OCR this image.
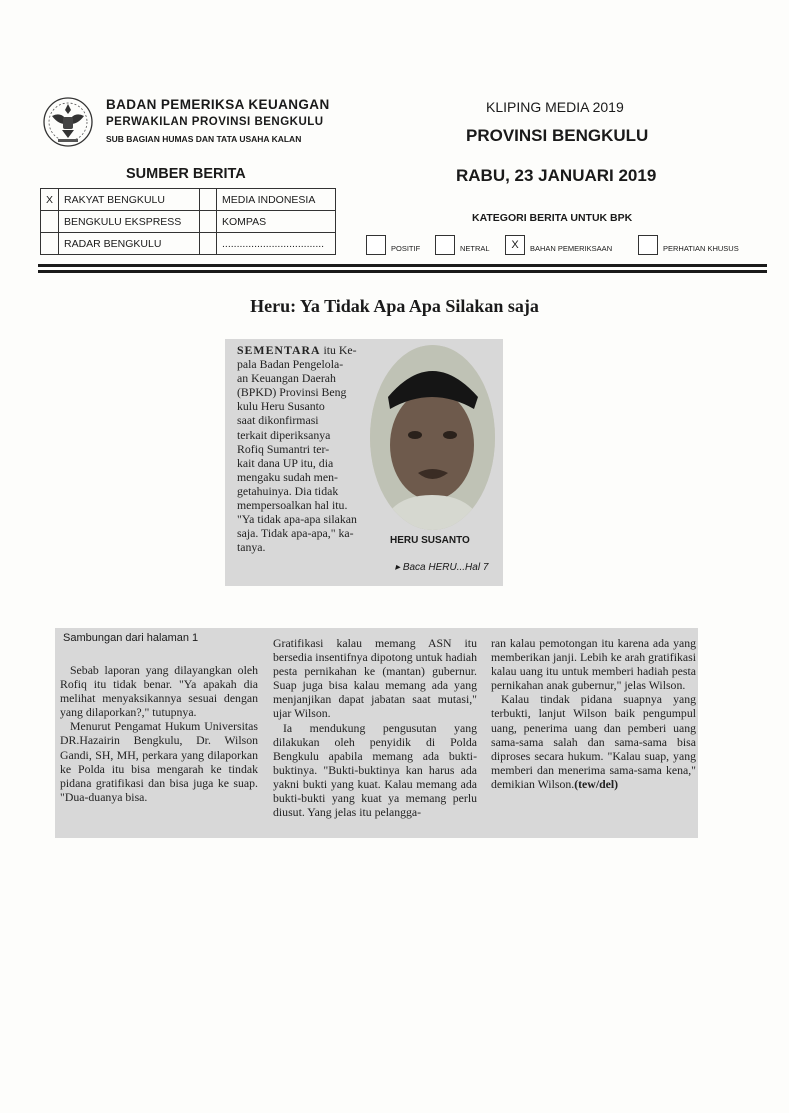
BADAN PEMERIKSA KEUANGAN
PERWAKILAN PROVINSI BENGKULU
SUB BAGIAN HUMAS DAN TATA USAHA KALAN
KLIPING MEDIA 2019
PROVINSI BENGKULU
RABU, 23 JANUARI 2019
SUMBER BERITA
X	RAKYAT BENGKULU		MEDIA INDONESIA
	BENGKULU EKSPRESS		KOMPAS
	RADAR BENGKULU		...................................
KATEGORI BERITA UNTUK BPK
POSITIF	NETRAL	X	BAHAN PEMERIKSAAN	PERHATIAN KHUSUS
Heru: Ya Tidak Apa Apa Silakan saja
SEMENTARA itu Ke-
pala Badan Pengelola-
an Keuangan Daerah
(BPKD) Provinsi Beng
kulu Heru Susanto
saat dikonfirmasi
terkait diperiksanya
Rofiq Sumantri ter-
kait dana UP itu, dia
mengaku sudah men-
getahuinya. Dia tidak
mempersoalkan hal itu.
"Ya tidak apa-apa silakan
saja. Tidak apa-apa," ka-
tanya.	HERU SUSANTO
▸ Baca HERU...Hal 7
Sambungan dari halaman 1

Sebab laporan yang dilayangkan oleh Rofiq itu tidak benar. "Ya apakah dia melihat menyaksikannya sesuai dengan yang dilaporkan?," tutupnya.

Menurut Pengamat Hukum Universitas DR.Hazairin Bengkulu, Dr. Wilson Gandi, SH, MH, perkara yang dilaporkan ke Polda itu bisa mengarah ke tindak pidana gratifikasi dan bisa juga ke suap. "Dua-duanya bisa.

Gratifikasi kalau memang ASN itu bersedia insentifnya dipotong untuk hadiah pesta pernikahan ke (mantan) gubernur. Suap juga bisa kalau memang ada yang menjanjikan dapat jabatan saat mutasi," ujar Wilson.

Ia mendukung pengusutan yang dilakukan oleh penyidik di Polda Bengkulu apabila memang ada bukti-buktinya. "Bukti-buktinya kan harus ada yakni bukti yang kuat. Kalau memang ada bukti-bukti yang kuat ya memang perlu diusut. Yang jelas itu pelangga-

ran kalau pemotongan itu karena ada yang memberikan janji. Lebih ke arah gratifikasi kalau uang itu untuk memberi hadiah pesta pernikahan anak gubernur," jelas Wilson.

Kalau tindak pidana suapnya yang terbukti, lanjut Wilson baik pengumpul uang, penerima uang dan pemberi uang sama-sama salah dan sama-sama bisa diproses secara hukum. "Kalau suap, yang memberi dan menerima sama-sama kena," demikian Wilson.(tew/del)
